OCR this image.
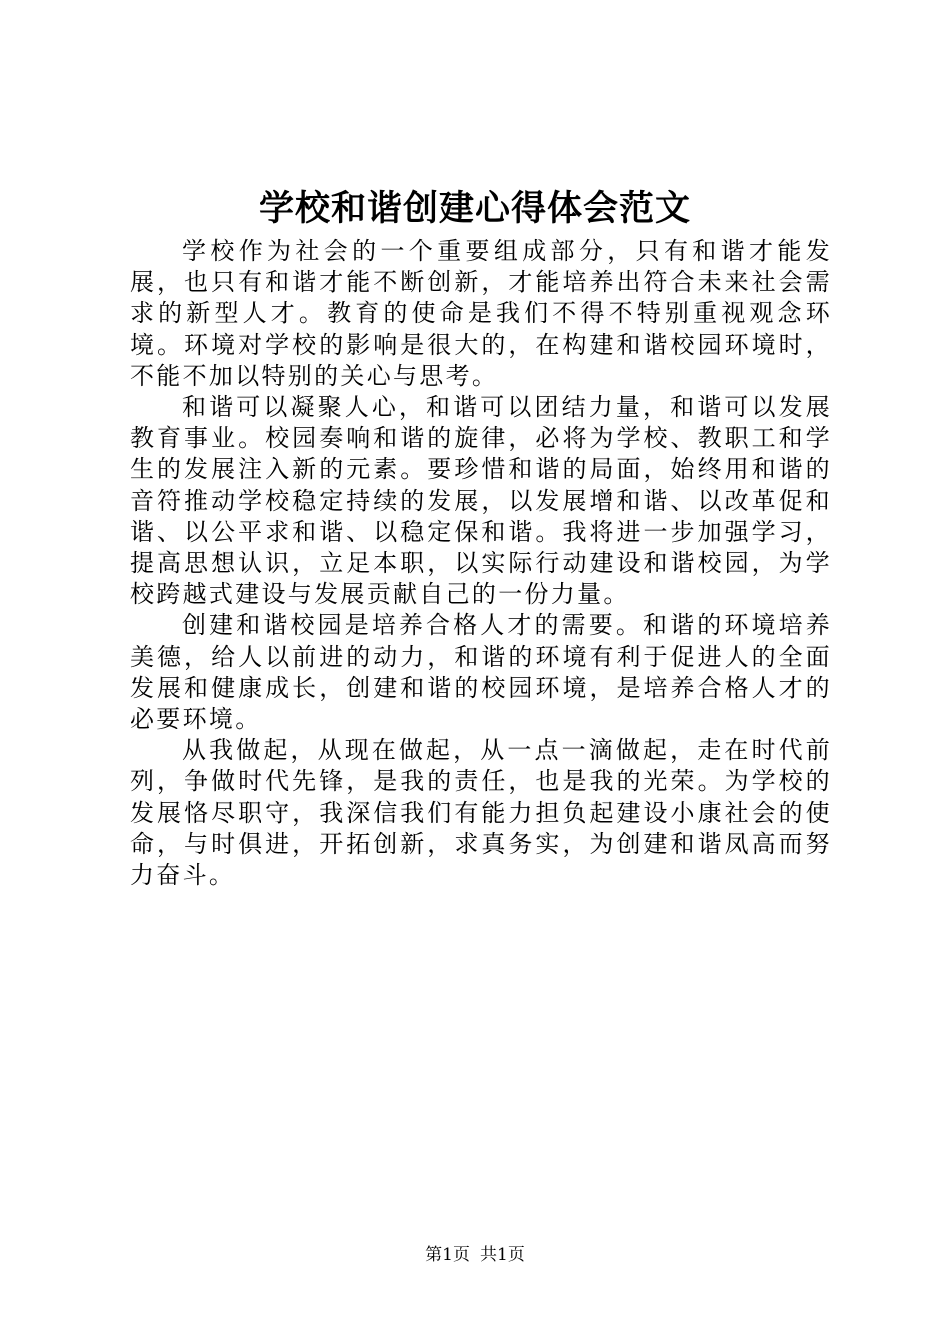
学校和谐创建心得体会范文

学校作为社会的一个重要组成部分，只有和谐才能发展，也只有和谐才能不断创新，才能培养出符合未来社会需求的新型人才。教育的使命是我们不得不特别重视观念环境。环境对学校的影响是很大的，在构建和谐校园环境时，不能不加以特别的关心与思考。

和谐可以凝聚人心，和谐可以团结力量，和谐可以发展教育事业。校园奏响和谐的旋律，必将为学校、教职工和学生的发展注入新的元素。要珍惜和谐的局面，始终用和谐的音符推动学校稳定持续的发展，以发展增和谐、以改革促和谐、以公平求和谐、以稳定保和谐。我将进一步加强学习，提高思想认识，立足本职，以实际行动建设和谐校园，为学校跨越式建设与发展贡献自己的一份力量。

创建和谐校园是培养合格人才的需要。和谐的环境培养美德，给人以前进的动力，和谐的环境有利于促进人的全面发展和健康成长，创建和谐的校园环境，是培养合格人才的必要环境。

从我做起，从现在做起，从一点一滴做起，走在时代前列，争做时代先锋，是我的责任，也是我的光荣。为学校的发展恪尽职守，我深信我们有能力担负起建设小康社会的使命，与时俱进，开拓创新，求真务实，为创建和谐凤高而努力奋斗。

第1页 共1页
